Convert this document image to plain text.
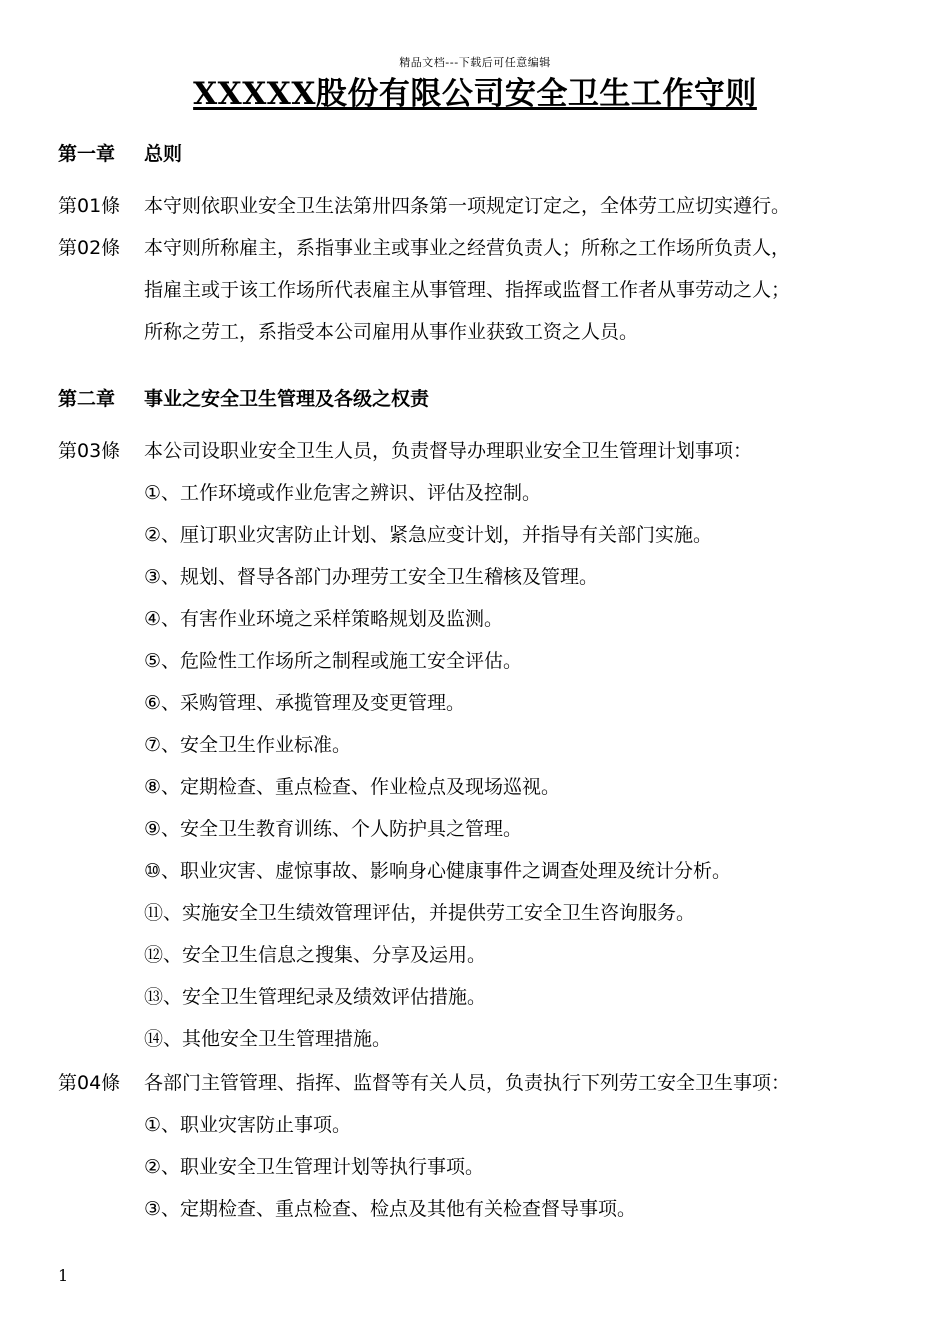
精品文档---下载后可任意编辑
XXXXX股份有限公司安全卫生工作守则
第一章 总则
第01條 本守则依职业安全卫生法第卅四条第一项规定订定之，全体劳工应切实遵行。
第02條 本守则所称雇主，系指事业主或事业之经营负责人；所称之工作场所负责人，
指雇主或于该工作场所代表雇主从事管理、指挥或监督工作者从事劳动之人；
所称之劳工，系指受本公司雇用从事作业获致工资之人员。
第二章 事业之安全卫生管理及各级之权责
第03條 本公司设职业安全卫生人员，负责督导办理职业安全卫生管理计划事项：
①、工作环境或作业危害之辨识、评估及控制。
②、厘订职业灾害防止计划、紧急应变计划，并指导有关部门实施。
③、规划、督导各部门办理劳工安全卫生稽核及管理。
④、有害作业环境之采样策略规划及监测。
⑤、危险性工作场所之制程或施工安全评估。
⑥、采购管理、承揽管理及变更管理。
⑦、安全卫生作业标准。
⑧、定期检查、重点检查、作业检点及现场巡视。
⑨、安全卫生教育训练、个人防护具之管理。
⑩、职业灾害、虚惊事故、影响身心健康事件之调查处理及统计分析。
⑪、实施安全卫生绩效管理评估，并提供劳工安全卫生咨询服务。
⑫、安全卫生信息之搜集、分享及运用。
⑬、安全卫生管理纪录及绩效评估措施。
⑭、其他安全卫生管理措施。
第04條 各部门主管管理、指挥、监督等有关人员，负责执行下列劳工安全卫生事项：
①、职业灾害防止事项。
②、职业安全卫生管理计划等执行事项。
③、定期检查、重点检查、检点及其他有关检查督导事项。
1
